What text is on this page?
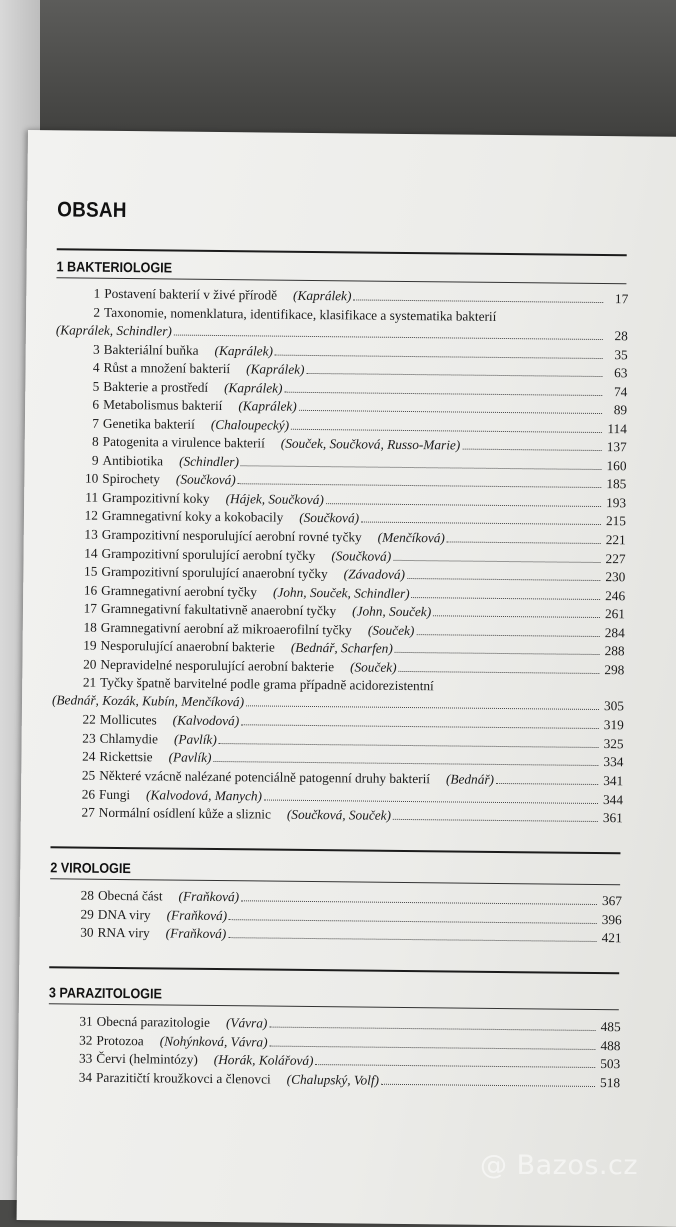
OBSAH
1 BAKTERIOLOGIE
1 Postavení bakterií v živé přírodě (Kaprálek)	17
2 Taxonomie, nomenklatura, identifikace, klasifikace a systematika bakterií
(Kaprálek, Schindler)	28
3 Bakteriální buňka (Kaprálek)	35
4 Růst a množení bakterií (Kaprálek)	63
5 Bakterie a prostředí (Kaprálek)	74
6 Metabolismus bakterií (Kaprálek)	89
7 Genetika bakterií (Chaloupecký)	114
8 Patogenita a virulence bakterií (Souček, Součková, Russo-Marie)	137
9 Antibiotika (Schindler)	160
10 Spirochety (Součková)	185
11 Grampozitivní koky (Hájek, Součková)	193
12 Gramnegativní koky a kokobacily (Součková)	215
13 Grampozitivní nesporulující aerobní rovné tyčky (Menčíková)	221
14 Grampozitivní sporulující aerobní tyčky (Součková)	227
15 Grampozitivní sporulující anaerobní tyčky (Závadová)	230
16 Gramnegativní aerobní tyčky (John, Souček, Schindler)	246
17 Gramnegativní fakultativně anaerobní tyčky (John, Souček)	261
18 Gramnegativní aerobní až mikroaerofilní tyčky (Souček)	284
19 Nesporulující anaerobní bakterie (Bednář, Scharfen)	288
20 Nepravidelné nesporulující aerobní bakterie (Souček)	298
21 Tyčky špatně barvitelné podle grama případně acidorezistentní
(Bednář, Kozák, Kubín, Menčíková)	305
22 Mollicutes (Kalvodová)	319
23 Chlamydie (Pavlík)	325
24 Rickettsie (Pavlík)	334
25 Některé vzácně nalézané potenciálně patogenní druhy bakterií (Bednář)	341
26 Fungi (Kalvodová, Manych)	344
27 Normální osídlení kůže a sliznic (Součková, Souček)	361
2 VIROLOGIE
28 Obecná část (Fraňková)	367
29 DNA viry (Fraňková)	396
30 RNA viry (Fraňková)	421
3 PARAZITOLOGIE
31 Obecná parazitologie (Vávra)	485
32 Protozoa (Nohýnková, Vávra)	488
33 Červi (helmintózy) (Horák, Kolářová)	503
34 Parazitičtí kroužkovci a členovci (Chalupský, Volf)	518
@ Bazos.cz
